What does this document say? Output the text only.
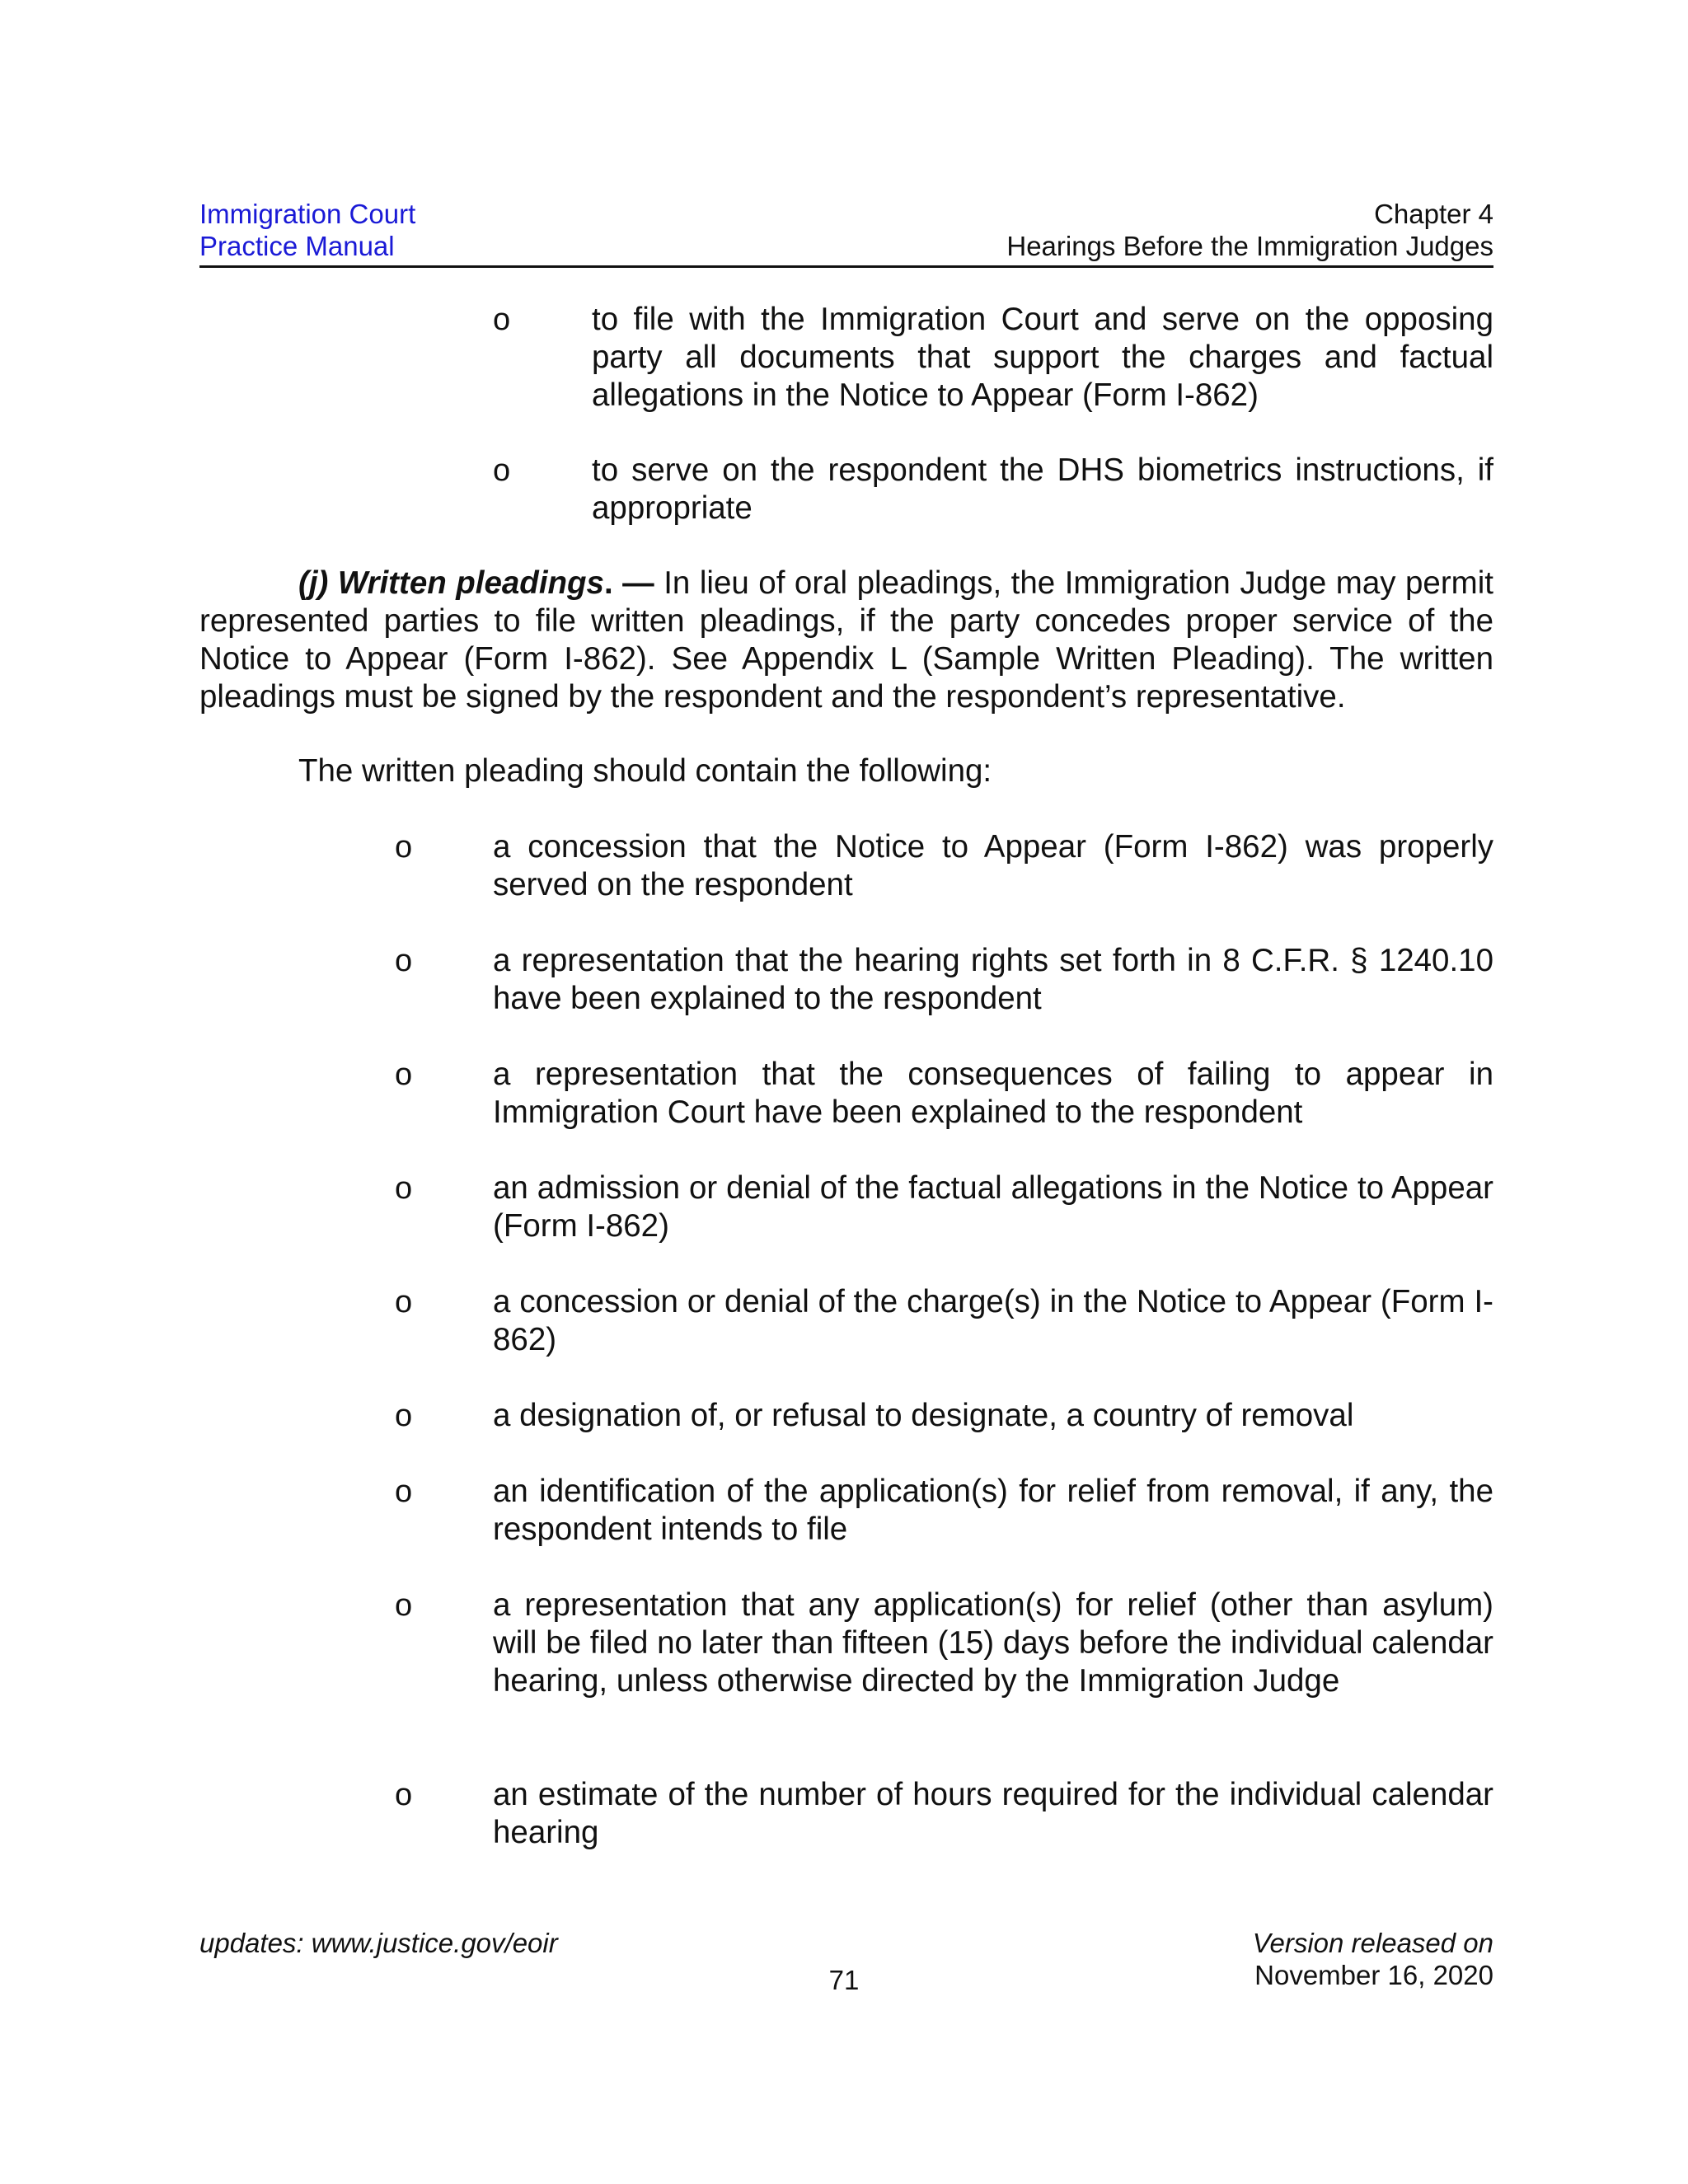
Immigration Court
Practice Manual
Chapter 4
Hearings Before the Immigration Judges
o	to file with the Immigration Court and serve on the opposing party all documents that support the charges and factual allegations in the Notice to Appear (Form I-862)
o	to serve on the respondent the DHS biometrics instructions, if appropriate
(j) Written pleadings. — In lieu of oral pleadings, the Immigration Judge may permit represented parties to file written pleadings, if the party concedes proper service of the Notice to Appear (Form I-862). See Appendix L (Sample Written Pleading). The written pleadings must be signed by the respondent and the respondent’s representative.
The written pleading should contain the following:
o	a concession that the Notice to Appear (Form I-862) was properly served on the respondent
o	a representation that the hearing rights set forth in 8 C.F.R. § 1240.10 have been explained to the respondent
o	a representation that the consequences of failing to appear in Immigration Court have been explained to the respondent
o	an admission or denial of the factual allegations in the Notice to Appear (Form I-862)
o	a concession or denial of the charge(s) in the Notice to Appear (Form I-862)
o	a designation of, or refusal to designate, a country of removal
o	an identification of the application(s) for relief from removal, if any, the respondent intends to file
o	a representation that any application(s) for relief (other than asylum) will be filed no later than fifteen (15) days before the individual calendar hearing, unless otherwise directed by the Immigration Judge
o	an estimate of the number of hours required for the individual calendar hearing
updates: www.justice.gov/eoir
71
Version released on
November 16, 2020
